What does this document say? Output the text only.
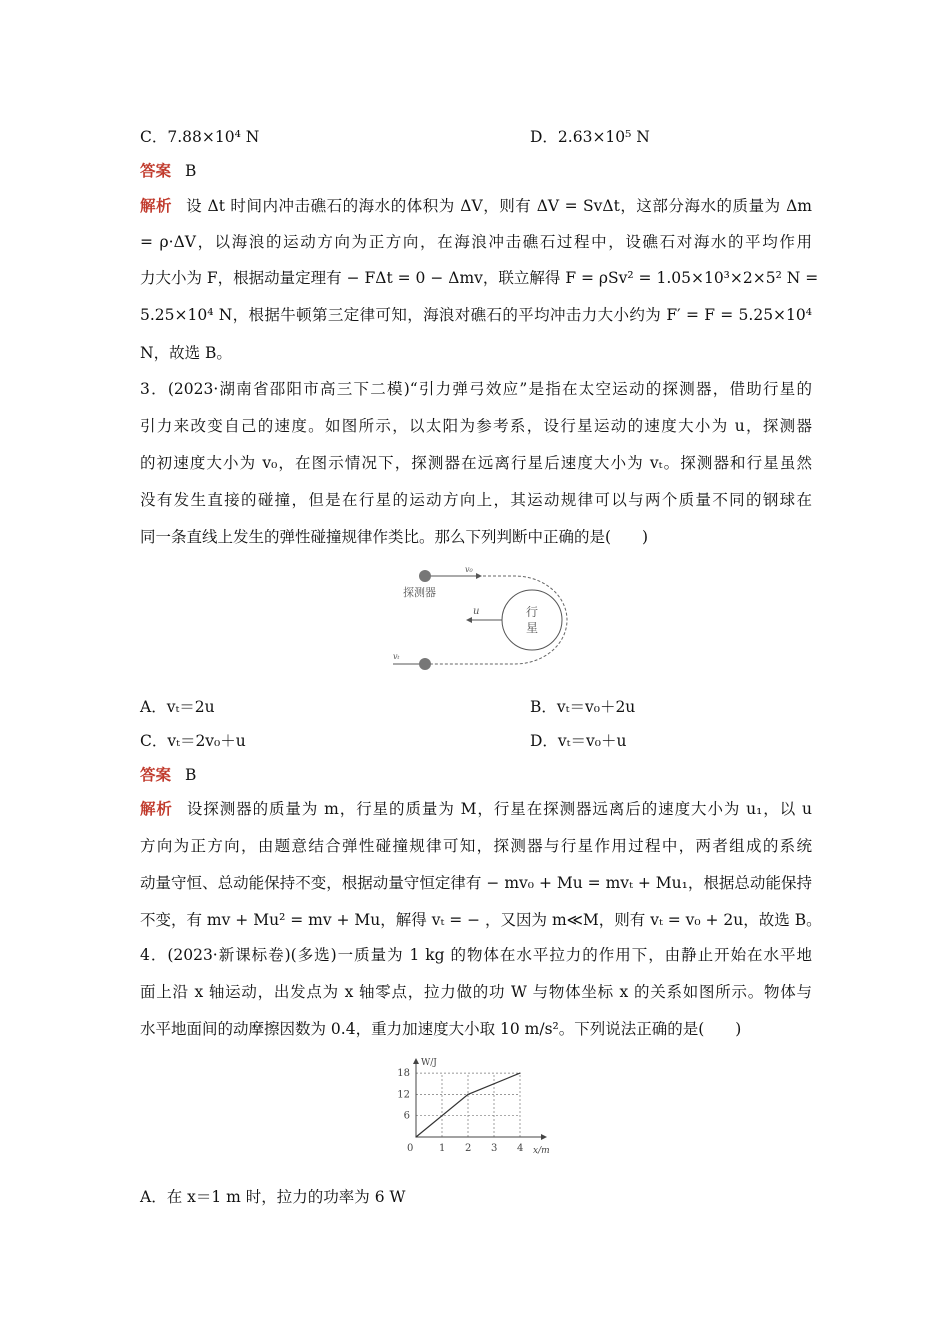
C．7.88×10⁴ N	D．2.63×10⁵ N
答案 B
解析 设 Δt 时间内冲击礁石的海水的体积为 ΔV，则有 ΔV = SvΔt，这部分海水的质量为 Δm
= ρ·ΔV，以海浪的运动方向为正方向，在海浪冲击礁石过程中，设礁石对海水的平均作用
力大小为 F，根据动量定理有 − FΔt = 0 − Δmv，联立解得 F = ρSv² = 1.05×10³×2×5² N =
5.25×10⁴ N，根据牛顿第三定律可知，海浪对礁石的平均冲击力大小约为 F′ = F = 5.25×10⁴
N，故选 B。
3．(2023·湖南省邵阳市高三下二模)“引力弹弓效应”是指在太空运动的探测器，借助行星的
引力来改变自己的速度。如图所示，以太阳为参考系，设行星运动的速度大小为 u，探测器
的初速度大小为 v₀，在图示情况下，探测器在远离行星后速度大小为 vₜ。探测器和行星虽然
没有发生直接的碰撞，但是在行星的运动方向上，其运动规律可以与两个质量不同的钢球在
同一条直线上发生的弹性碰撞规律作类比。那么下列判断中正确的是(　　)
v₀
探测器
行
星
u
vₜ
A．vₜ＝2u	B．vₜ＝v₀＋2u
C．vₜ＝2v₀＋u	D．vₜ＝v₀＋u
答案 B
解析 设探测器的质量为 m，行星的质量为 M，行星在探测器远离后的速度大小为 u₁，以 u
方向为正方向，由题意结合弹性碰撞规律可知，探测器与行星作用过程中，两者组成的系统
动量守恒、总动能保持不变，根据动量守恒定律有 − mv₀ + Mu = mvₜ + Mu₁，根据总动能保持
不变，有 mv + Mu² = mv + Mu，解得 vₜ = − ，又因为 m≪M，则有 vₜ = v₀ + 2u，故选 B。
4．(2023·新课标卷)(多选)一质量为 1 kg 的物体在水平拉力的作用下，由静止开始在水平地
面上沿 x 轴运动，出发点为 x 轴零点，拉力做的功 W 与物体坐标 x 的关系如图所示。物体与
水平地面间的动摩擦因数为 0.4，重力加速度大小取 10 m/s²。下列说法正确的是(　　)
W/J
x/m
0	1 2 3 4
6
12
18
A．在 x＝1 m 时，拉力的功率为 6 W
